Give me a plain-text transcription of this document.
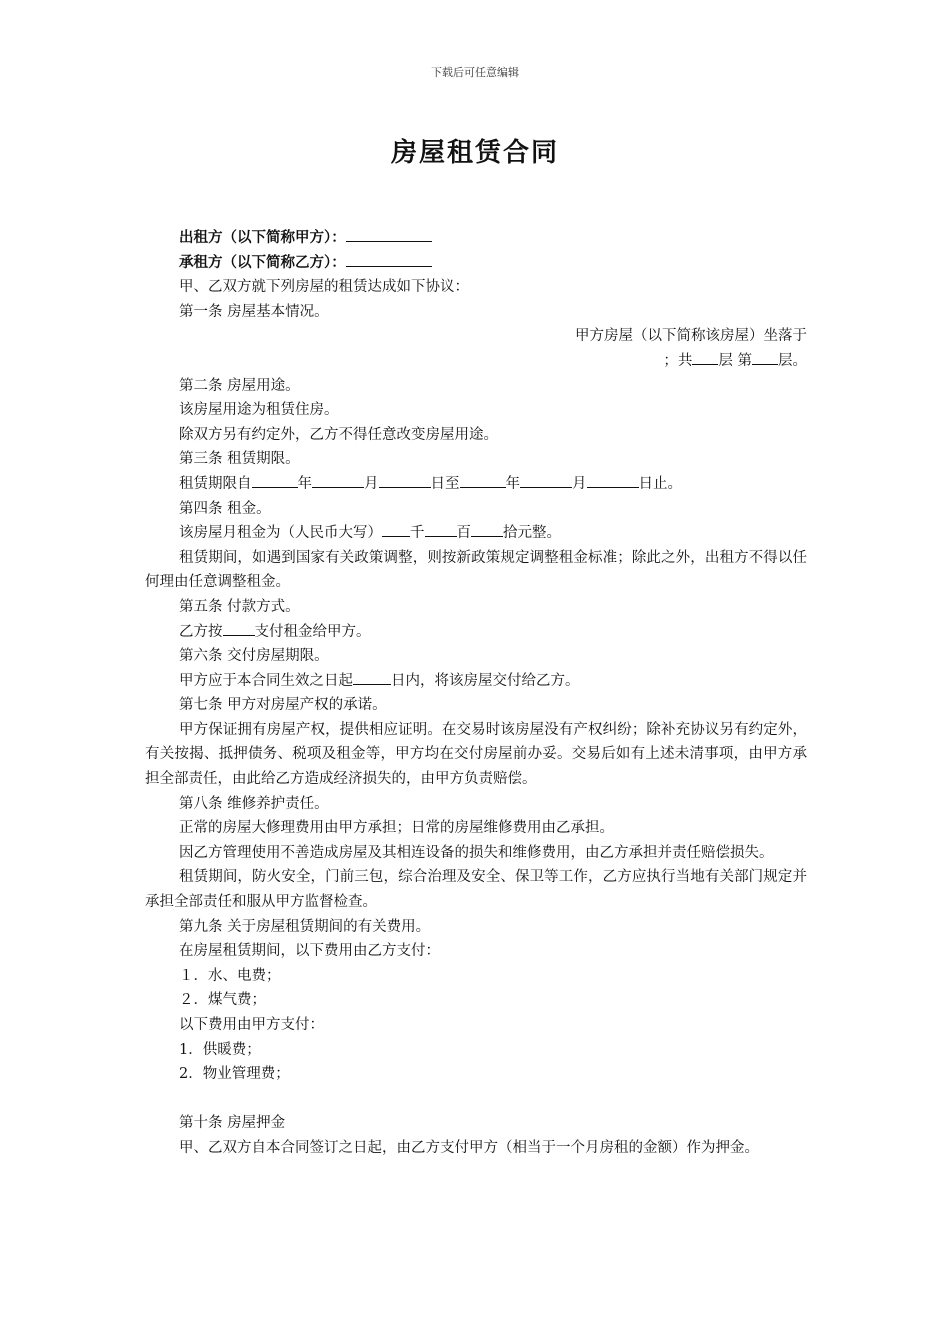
下载后可任意编辑
房屋租赁合同
出租方（以下简称甲方）：
承租方（以下简称乙方）：
甲、乙双方就下列房屋的租赁达成如下协议：
第一条 房屋基本情况。
甲方房屋（以下简称该房屋）坐落于
；共 层 第 层。
第二条 房屋用途。
该房屋用途为租赁住房。
除双方另有约定外，乙方不得任意改变房屋用途。
第三条 租赁期限。
租赁期限自	年	月	日至	年	月	日止。
第四条 租金。
该房屋月租金为（人民币大写） 千 百 拾元整。
租赁期间，如遇到国家有关政策调整，则按新政策规定调整租金标准；除此之外，出租方不得以任何理由任意调整租金。
第五条 付款方式。
乙方按 支付租金给甲方。
第六条 交付房屋期限。
甲方应于本合同生效之日起	日内，将该房屋交付给乙方。
第七条 甲方对房屋产权的承诺。
甲方保证拥有房屋产权，提供相应证明。在交易时该房屋没有产权纠纷；除补充协议另有约定外，有关按揭、抵押债务、税项及租金等，甲方均在交付房屋前办妥。交易后如有上述未清事项，由甲方承担全部责任，由此给乙方造成经济损失的，由甲方负责赔偿。
第八条 维修养护责任。
正常的房屋大修理费用由甲方承担；日常的房屋维修费用由乙承担。
因乙方管理使用不善造成房屋及其相连设备的损失和维修费用，由乙方承担并责任赔偿损失。
租赁期间，防火安全，门前三包，综合治理及安全、保卫等工作，乙方应执行当地有关部门规定并承担全部责任和服从甲方监督检查。
第九条 关于房屋租赁期间的有关费用。
在房屋租赁期间，以下费用由乙方支付：
１．水、电费；
２．煤气费；
以下费用由甲方支付：
1．供暖费；
2．物业管理费；
第十条 房屋押金
甲、乙双方自本合同签订之日起，由乙方支付甲方（相当于一个月房租的金额）作为押金。
